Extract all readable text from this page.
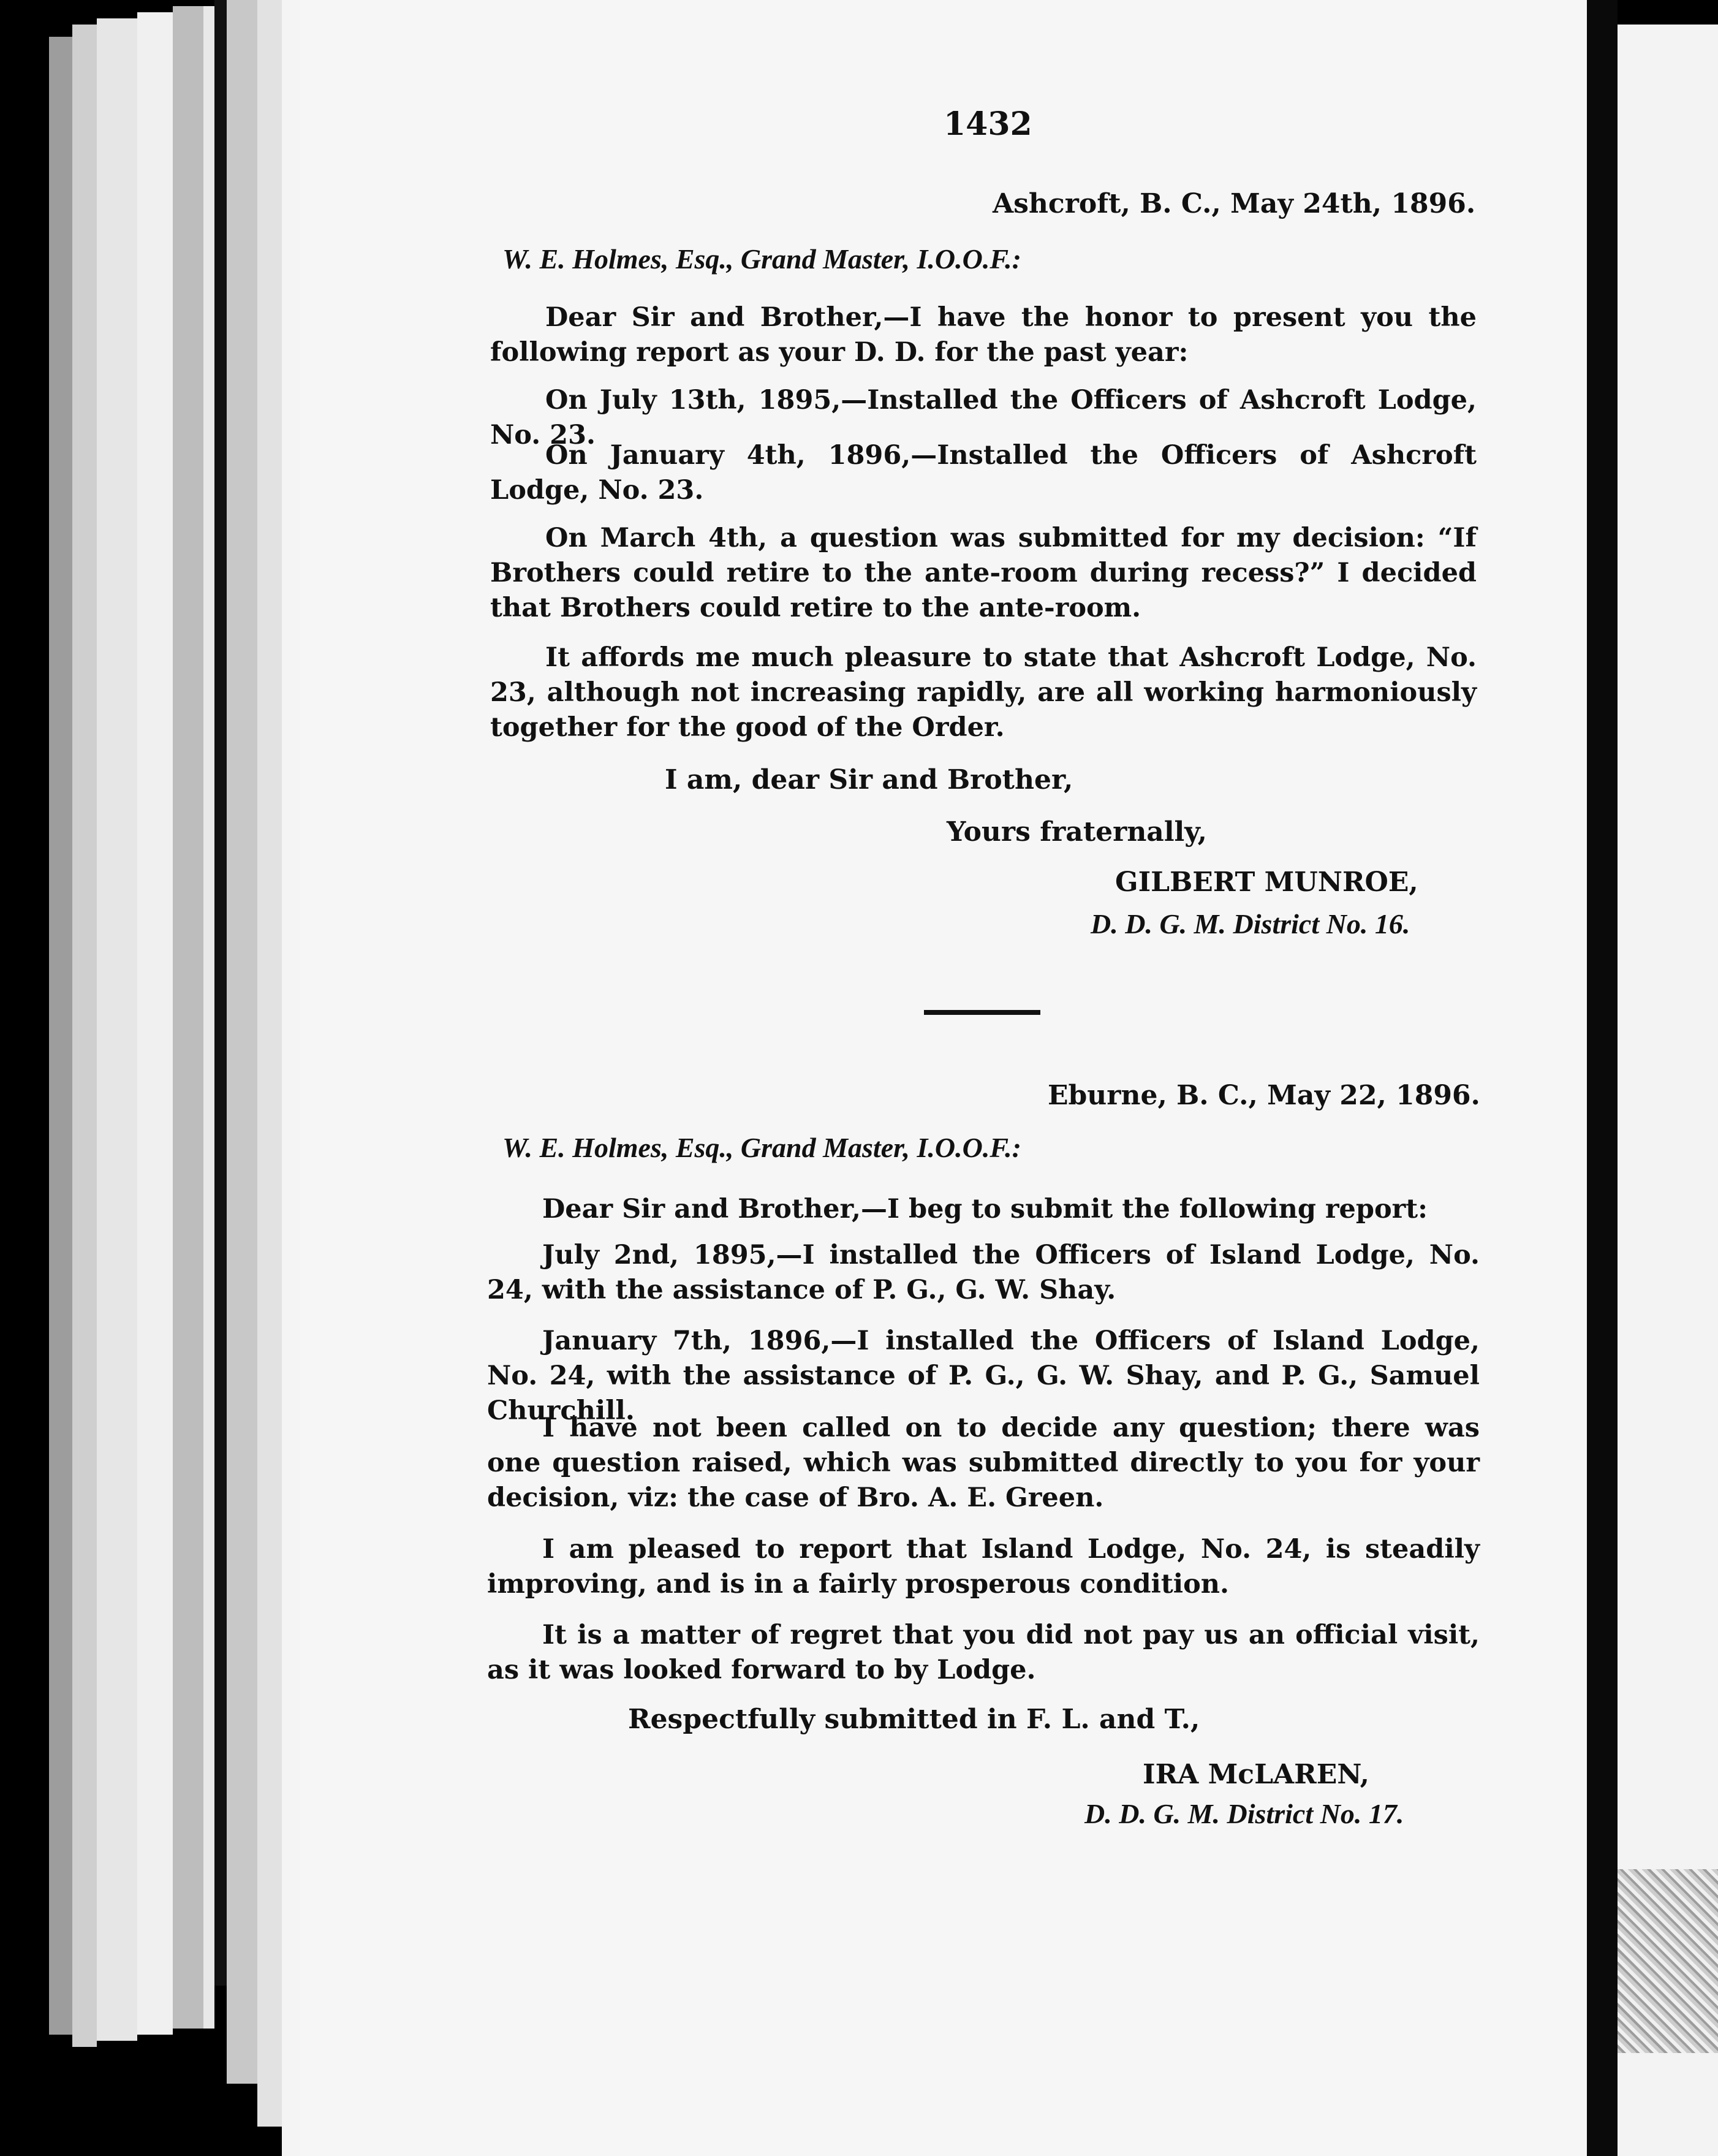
1432
Ashcroft, B. C., May 24th, 1896.
W. E. Holmes, Esq., Grand Master, I.O.O.F.:
Dear Sir and Brother,—I have the honor to present you the following report as your D. D. for the past year:
On July 13th, 1895,—Installed the Officers of Ashcroft Lodge, No. 23.
On January 4th, 1896,—Installed the Officers of Ashcroft Lodge, No. 23.
On March 4th, a question was submitted for my decision: “If Brothers could retire to the ante-room during recess?” I decided that Brothers could retire to the ante-room.
It affords me much pleasure to state that Ashcroft Lodge, No. 23, although not increasing rapidly, are all working harmoniously together for the good of the Order.
I am, dear Sir and Brother,
Yours fraternally,
GILBERT MUNROE,
D. D. G. M. District No. 16.
Eburne, B. C., May 22, 1896.
W. E. Holmes, Esq., Grand Master, I.O.O.F.:
Dear Sir and Brother,—I beg to submit the following report:
July 2nd, 1895,—I installed the Officers of Island Lodge, No. 24, with the assistance of P. G., G. W. Shay.
January 7th, 1896,—I installed the Officers of Island Lodge, No. 24, with the assistance of P. G., G. W. Shay, and P. G., Samuel Churchill.
I have not been called on to decide any question; there was one question raised, which was submitted directly to you for your decision, viz: the case of Bro. A. E. Green.
I am pleased to report that Island Lodge, No. 24, is steadily improving, and is in a fairly prosperous condition.
It is a matter of regret that you did not pay us an official visit, as it was looked forward to by Lodge.
Respectfully submitted in F. L. and T.,
IRA McLAREN,
D. D. G. M. District No. 17.
